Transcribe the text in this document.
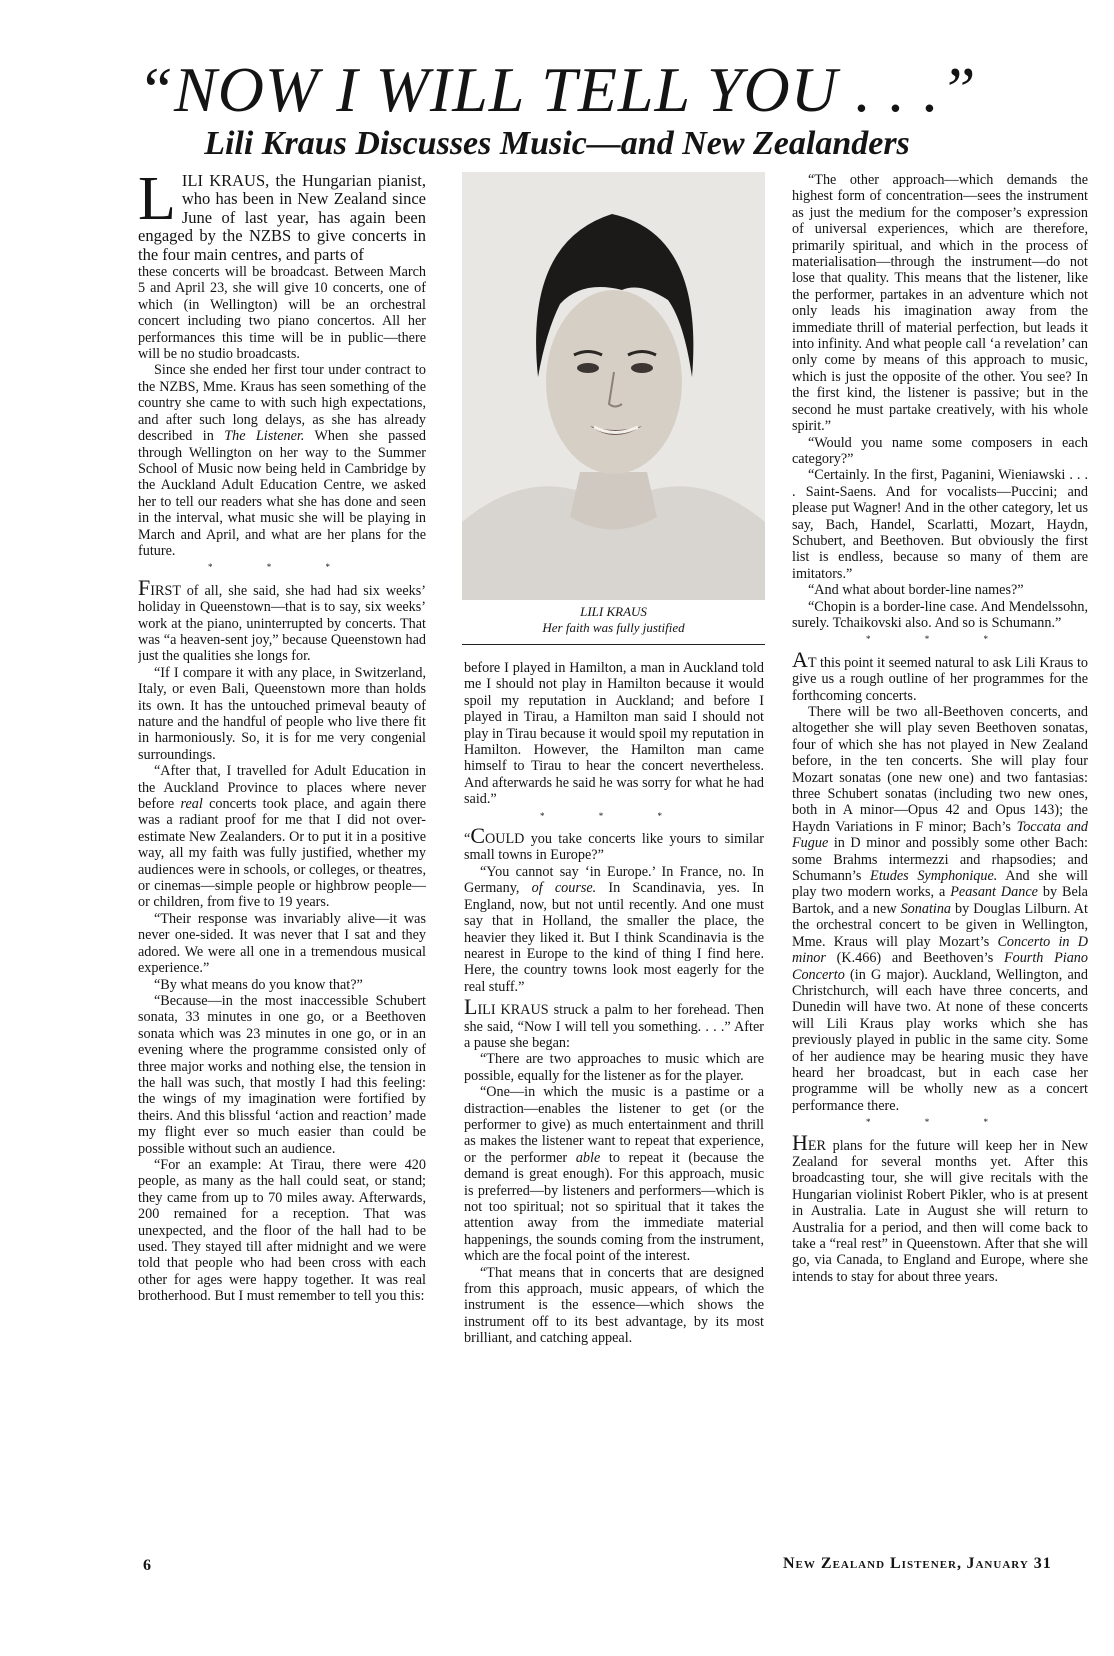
“NOW I WILL TELL YOU . . .”
Lili Kraus Discusses Music—and New Zealanders

LILI KRAUS, the Hungarian pianist, who has been in New Zealand since June of last year, has again been engaged by the NZBS to give concerts in the four main centres, and parts of

these concerts will be broadcast. Between March 5 and April 23, she will give 10 concerts, one of which (in Wellington) will be an orchestral concert including two piano concertos. All her performances this time will be in public—there will be no studio broadcasts.

Since she ended her first tour under contract to the NZBS, Mme. Kraus has seen something of the country she came to with such high expectations, and after such long delays, as she has already described in The Listener. When she passed through Wellington on her way to the Summer School of Music now being held in Cambridge by the Auckland Adult Education Centre, we asked her to tell our readers what she has done and seen in the interval, what music she will be playing in March and April, and what are her plans for the future.

* * *

FIRST of all, she said, she had had six weeks’ holiday in Queenstown—that is to say, six weeks’ work at the piano, uninterrupted by concerts. That was “a heaven-sent joy,” because Queenstown had just the qualities she longs for.

“If I compare it with any place, in Switzerland, Italy, or even Bali, Queenstown more than holds its own. It has the untouched primeval beauty of nature and the handful of people who live there fit in harmoniously. So, it is for me very congenial surroundings.

“After that, I travelled for Adult Education in the Auckland Province to places where never before real concerts took place, and again there was a radiant proof for me that I did not over-estimate New Zealanders. Or to put it in a positive way, all my faith was fully justified, whether my audiences were in schools, or colleges, or theatres, or cinemas—simple people or highbrow people—or children, from five to 19 years.

“Their response was invariably alive—it was never one-sided. It was never that I sat and they adored. We were all one in a tremendous musical experience.”

“By what means do you know that?”

“Because—in the most inaccessible Schubert sonata, 33 minutes in one go, or a Beethoven sonata which was 23 minutes in one go, or in an evening where the programme consisted only of three major works and nothing else, the tension in the hall was such, that mostly I had this feeling: the wings of my imagination were fortified by theirs. And this blissful ‘action and reaction’ made my flight ever so much easier than could be possible without such an audience.

“For an example: At Tirau, there were 420 people, as many as the hall could seat, or stand; they came from up to 70 miles away. Afterwards, 200 remained for a reception. That was unexpected, and the floor of the hall had to be used. They stayed till after midnight and we were told that people who had been cross with each other for ages were happy together. It was real brotherhood. But I must remember to tell you this:

LILI KRAUS
Her faith was fully justified

before I played in Hamilton, a man in Auckland told me I should not play in Hamilton because it would spoil my reputation in Auckland; and before I played in Tirau, a Hamilton man said I should not play in Tirau because it would spoil my reputation in Hamilton. However, the Hamilton man came himself to Tirau to hear the concert nevertheless. And afterwards he said he was sorry for what he had said.”

* * *

“COULD you take concerts like yours to similar small towns in Europe?”

“You cannot say ‘in Europe.’ In France, no. In Germany, of course. In Scandinavia, yes. In England, now, but not until recently. And one must say that in Holland, the smaller the place, the heavier they liked it. But I think Scandinavia is the nearest in Europe to the kind of thing I find here. Here, the country towns look most eagerly for the real stuff.”

LILI KRAUS struck a palm to her forehead. Then she said, “Now I will tell you something. . . .” After a pause she began:

“There are two approaches to music which are possible, equally for the listener as for the player.

“One—in which the music is a pastime or a distraction—enables the listener to get (or the performer to give) as much entertainment and thrill as makes the listener want to repeat that experience, or the performer able to repeat it (because the demand is great enough). For this approach, music is preferred—by listeners and performers—which is not too spiritual; not so spiritual that it takes the attention away from the immediate material happenings, the sounds coming from the instrument, which are the focal point of the interest.

“That means that in concerts that are designed from this approach, music appears, of which the instrument is the essence—which shows the instrument off to its best advantage, by its most brilliant, and catching appeal.

“The other approach—which demands the highest form of concentration—sees the instrument as just the medium for the composer’s expression of universal experiences, which are therefore, primarily spiritual, and which in the process of materialisation—through the instrument—do not lose that quality. This means that the listener, like the performer, partakes in an adventure which not only leads his imagination away from the immediate thrill of material perfection, but leads it into infinity. And what people call ‘a revelation’ can only come by means of this approach to music, which is just the opposite of the other. You see? In the first kind, the listener is passive; but in the second he must partake creatively, with his whole spirit.”

“Would you name some composers in each category?”

“Certainly. In the first, Paganini, Wieniawski . . . . Saint-Saens. And for vocalists—Puccini; and please put Wagner! And in the other category, let us say, Bach, Handel, Scarlatti, Mozart, Haydn, Schubert, and Beethoven. But obviously the first list is endless, because so many of them are imitators.”

“And what about border-line names?”

“Chopin is a border-line case. And Mendelssohn, surely. Tchaikovski also. And so is Schumann.”

* * *

AT this point it seemed natural to ask Lili Kraus to give us a rough outline of her programmes for the forthcoming concerts.

There will be two all-Beethoven concerts, and altogether she will play seven Beethoven sonatas, four of which she has not played in New Zealand before, in the ten concerts. She will play four Mozart sonatas (one new one) and two fantasias: three Schubert sonatas (including two new ones, both in A minor—Opus 42 and Opus 143); the Haydn Variations in F minor; Bach’s Toccata and Fugue in D minor and possibly some other Bach: some Brahms intermezzi and rhapsodies; and Schumann’s Etudes Symphonique. And she will play two modern works, a Peasant Dance by Bela Bartok, and a new Sonatina by Douglas Lilburn. At the orchestral concert to be given in Wellington, Mme. Kraus will play Mozart’s Concerto in D minor (K.466) and Beethoven’s Fourth Piano Concerto (in G major). Auckland, Wellington, and Christchurch, will each have three concerts, and Dunedin will have two. At none of these concerts will Lili Kraus play works which she has previously played in public in the same city. Some of her audience may be hearing music they have heard her broadcast, but in each case her programme will be wholly new as a concert performance there.

* * *

HER plans for the future will keep her in New Zealand for several months yet. After this broadcasting tour, she will give recitals with the Hungarian violinist Robert Pikler, who is at present in Australia. Late in August she will return to Australia for a period, and then will come back to take a “real rest” in Queenstown. After that she will go, via Canada, to England and Europe, where she intends to stay for about three years.

6	New Zealand Listener, January 31
